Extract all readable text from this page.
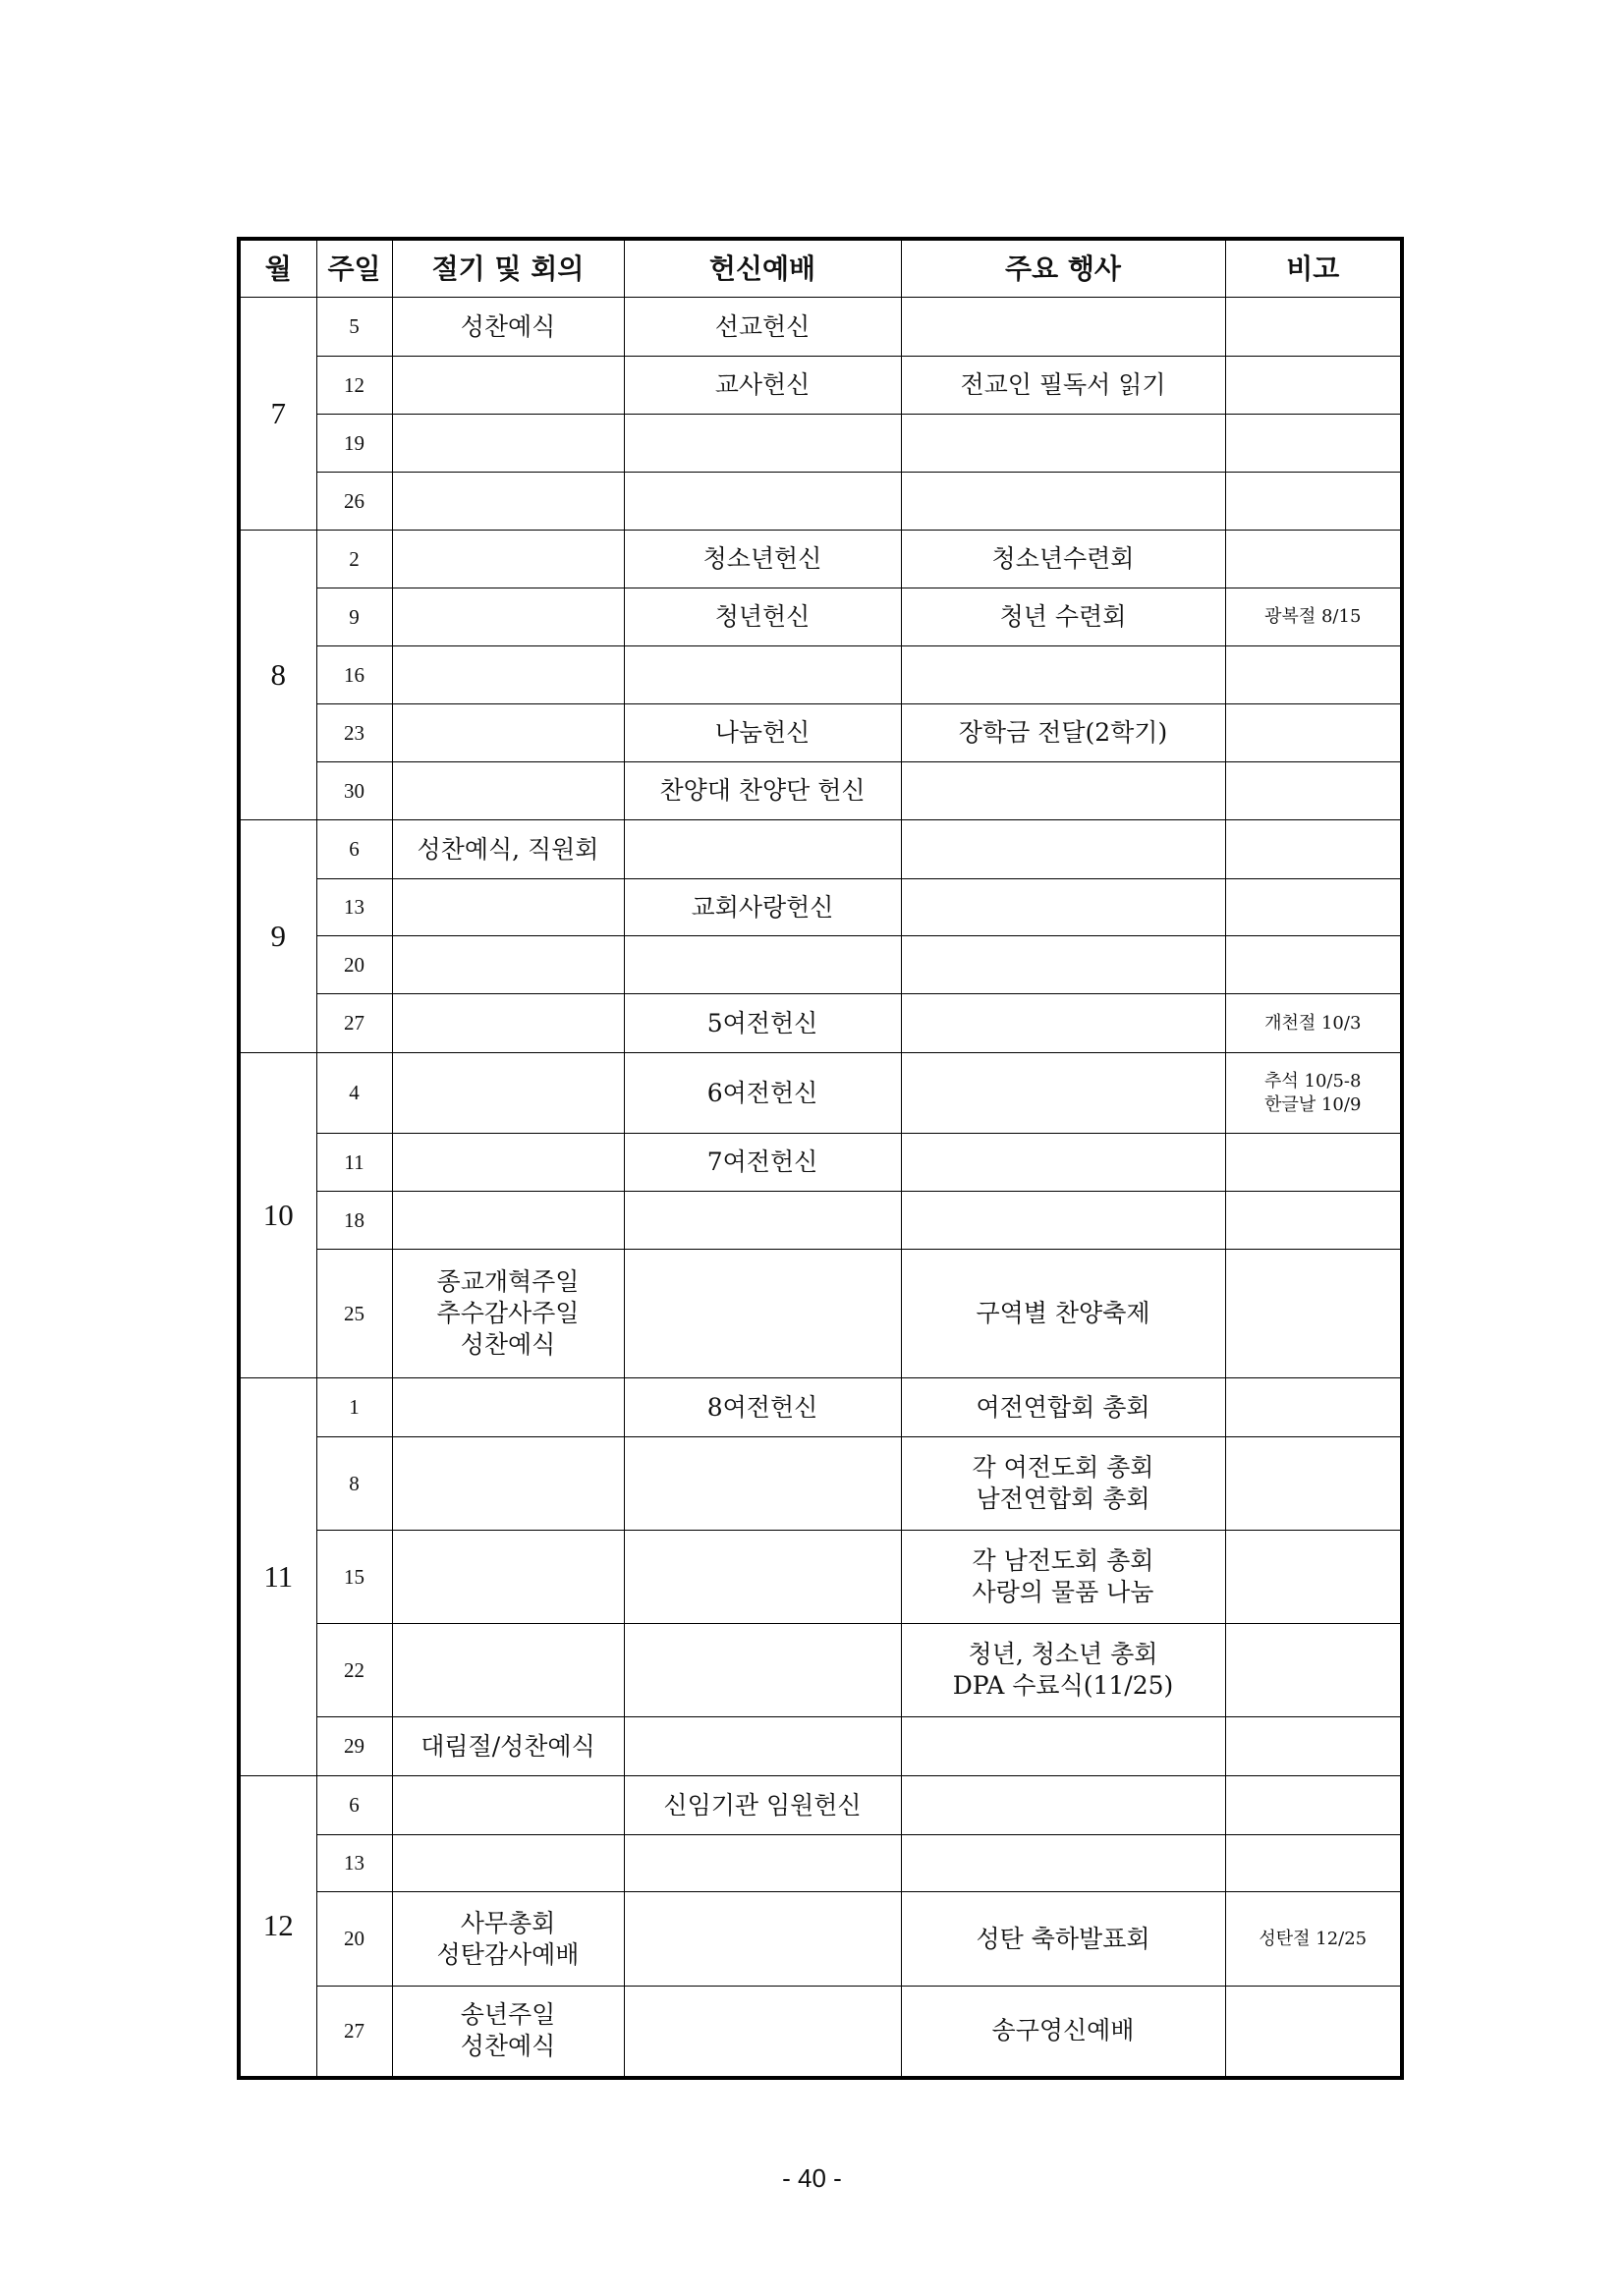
월	주일	절기 및 회의	헌신예배	주요 행사	비고
7	5	성찬예식	선교헌신		

	12		교사헌신	전교인 필독서 읽기	

	19				
	26				
8	2		청소년헌신	청소년수련회	

	9		청년헌신	청년 수련회	광복절 8/15

	16				
	23		나눔헌신	장학금 전달(2학기)	

	30		찬양대 찬양단 헌신		

9	6	성찬예식, 직원회			

	13		교회사랑헌신		

	20				
	27		5여전헌신		개천절 10/3

10	4		6여전헌신		추석 10/5-8
한글날 10/9

	11		7여전헌신		

	18				
	25	종교개혁주일
추수감사주일
성찬예식		구역별 찬양축제	

11	1		8여전헌신	여전연합회 총회	

	8			각 여전도회 총회
남전연합회 총회	

	15			각 남전도회 총회
사랑의 물품 나눔	

	22			청년, 청소년 총회
DPA 수료식(11/25)	

	29	대림절/성찬예식			

12	6		신임기관 임원헌신		

	13				
	20	사무총회
성탄감사예배		성탄 축하발표회	성탄절 12/25

	27	송년주일
성찬예식		송구영신예배	

- 40 -
